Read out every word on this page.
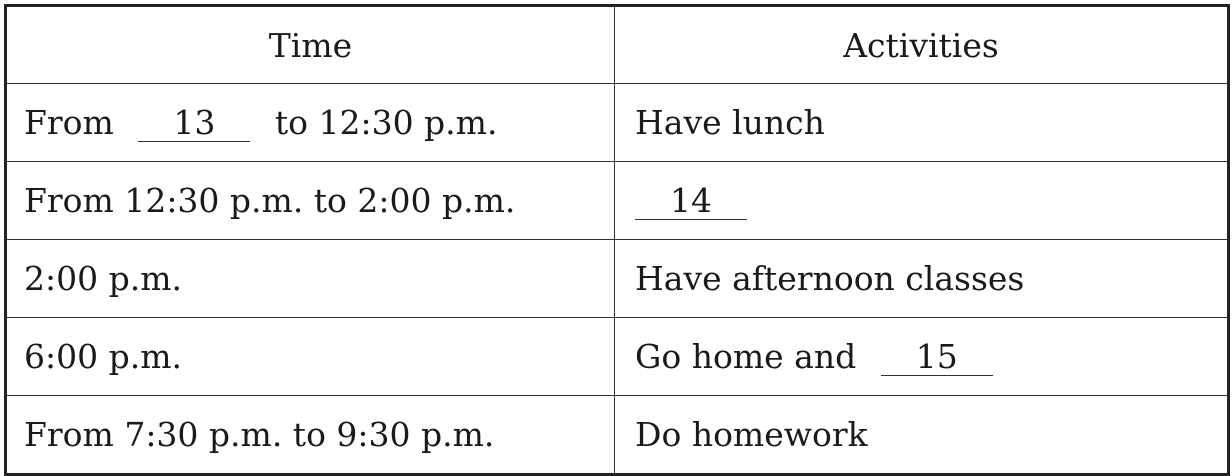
Time	Activities
From 13 to 12:30 p.m.	Have lunch
From 12:30 p.m. to 2:00 p.m.	14
2:00 p.m.	Have afternoon classes
6:00 p.m.	Go home and 15
From 7:30 p.m. to 9:30 p.m.	Do homework
